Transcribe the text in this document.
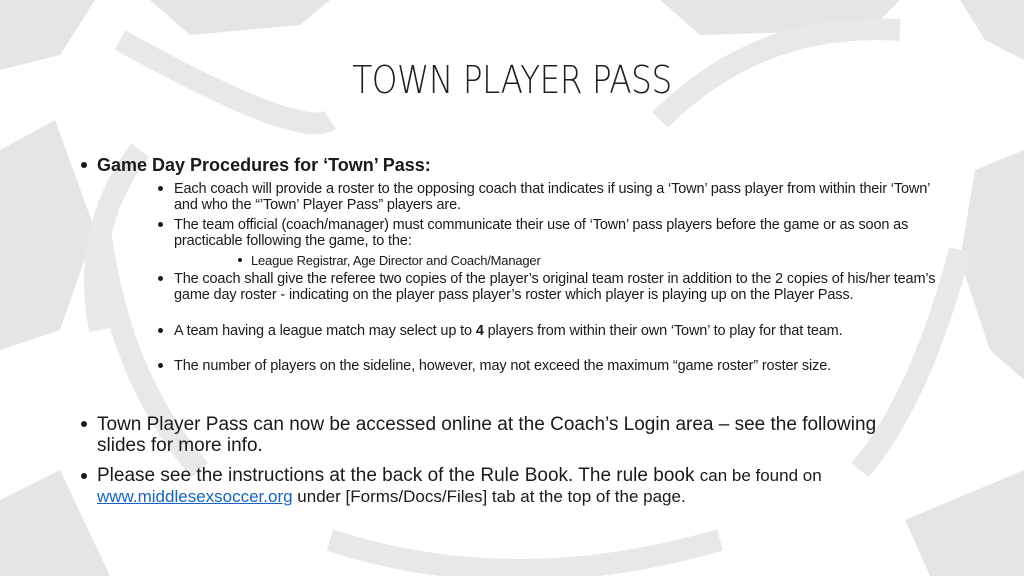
TOWN PLAYER PASS
Game Day Procedures for ‘Town’ Pass:
Each coach will provide a roster to the opposing coach that indicates if using a ‘Town’ pass player from within their ‘Town’ and who the “’Town’ Player Pass” players are.
The team official (coach/manager) must communicate their use of ‘Town’ pass players before the game or as soon as practicable following the game, to the:
League Registrar, Age Director and Coach/Manager
The coach shall give the referee two copies of the player’s original team roster in addition to the 2 copies of his/her team’s game day roster - indicating on the player pass player’s roster which player is playing up on the Player Pass.
A team having a league match may select up to 4 players from within their own ‘Town’ to play for that team.
The number of players on the sideline, however, may not exceed the maximum “game roster” roster size.
Town Player Pass can now be accessed online at the Coach’s Login area – see the following slides for more info.
Please see the instructions at the back of the Rule Book. The rule book can be found on
www.middlesexsoccer.org under [Forms/Docs/Files] tab at the top of the page.
